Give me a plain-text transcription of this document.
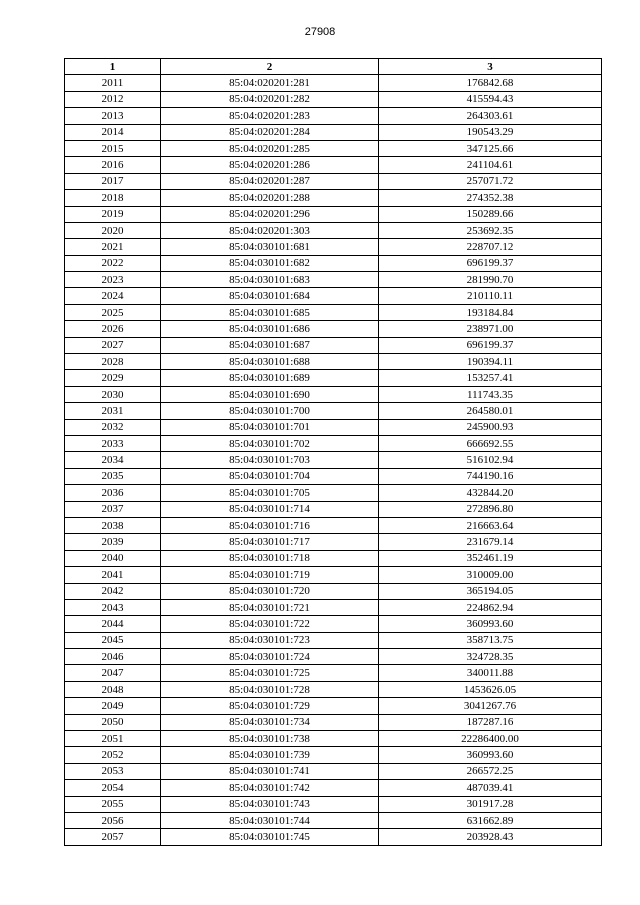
27908
1	2	3
2011	85:04:020201:281	176842.68
2012	85:04:020201:282	415594.43
2013	85:04:020201:283	264303.61
2014	85:04:020201:284	190543.29
2015	85:04:020201:285	347125.66
2016	85:04:020201:286	241104.61
2017	85:04:020201:287	257071.72
2018	85:04:020201:288	274352.38
2019	85:04:020201:296	150289.66
2020	85:04:020201:303	253692.35
2021	85:04:030101:681	228707.12
2022	85:04:030101:682	696199.37
2023	85:04:030101:683	281990.70
2024	85:04:030101:684	210110.11
2025	85:04:030101:685	193184.84
2026	85:04:030101:686	238971.00
2027	85:04:030101:687	696199.37
2028	85:04:030101:688	190394.11
2029	85:04:030101:689	153257.41
2030	85:04:030101:690	111743.35
2031	85:04:030101:700	264580.01
2032	85:04:030101:701	245900.93
2033	85:04:030101:702	666692.55
2034	85:04:030101:703	516102.94
2035	85:04:030101:704	744190.16
2036	85:04:030101:705	432844.20
2037	85:04:030101:714	272896.80
2038	85:04:030101:716	216663.64
2039	85:04:030101:717	231679.14
2040	85:04:030101:718	352461.19
2041	85:04:030101:719	310009.00
2042	85:04:030101:720	365194.05
2043	85:04:030101:721	224862.94
2044	85:04:030101:722	360993.60
2045	85:04:030101:723	358713.75
2046	85:04:030101:724	324728.35
2047	85:04:030101:725	340011.88
2048	85:04:030101:728	1453626.05
2049	85:04:030101:729	3041267.76
2050	85:04:030101:734	187287.16
2051	85:04:030101:738	22286400.00
2052	85:04:030101:739	360993.60
2053	85:04:030101:741	266572.25
2054	85:04:030101:742	487039.41
2055	85:04:030101:743	301917.28
2056	85:04:030101:744	631662.89
2057	85:04:030101:745	203928.43
